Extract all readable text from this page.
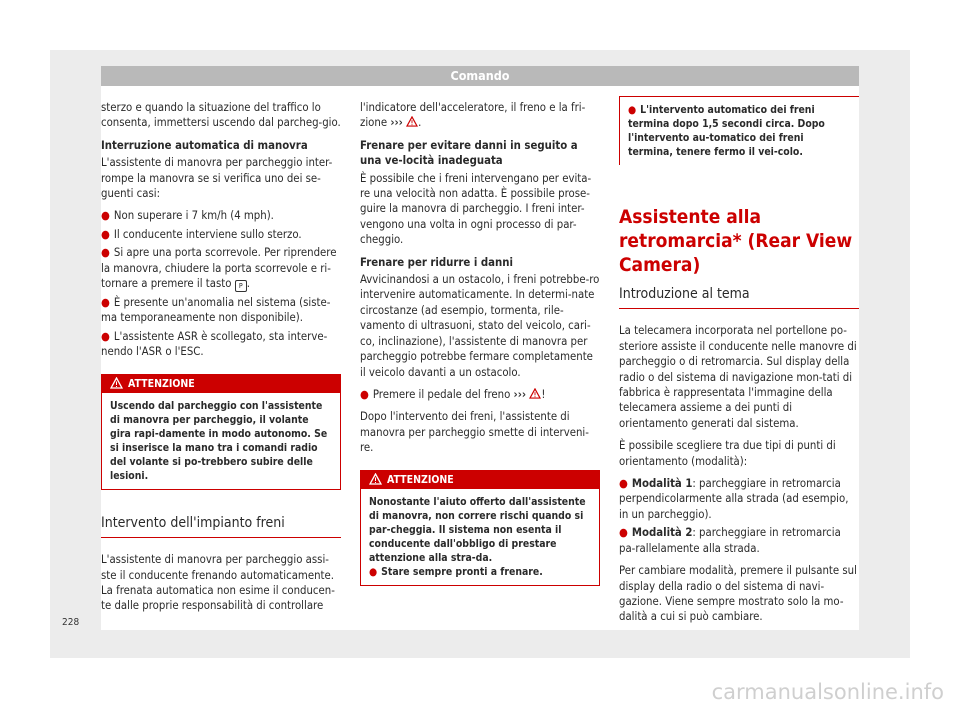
Comando

sterzo e quando la situazione del traffico lo consenta, immettersi uscendo dal parcheg-gio.

Interruzione automatica di manovra

L'assistente di manovra per parcheggio inter-rompe la manovra se si verifica uno dei se-guenti casi:

● Non superare i 7 km/h (4 mph).
● Il conducente interviene sullo sterzo.
● Si apre una porta scorrevole. Per riprendere la manovra, chiudere la porta scorrevole e ri-tornare a premere il tasto P .
● È presente un'anomalia nel sistema (siste-ma temporaneamente non disponibile).
● L'assistente ASR è scollegato, sta interve-nendo l'ASR o l'ESC.
ATTENZIONE
Uscendo dal parcheggio con l'assistente di manovra per parcheggio, il volante gira rapi-damente in modo autonomo. Se si inserisce la mano tra i comandi radio del volante si po-trebbero subire delle lesioni.
Intervento dell'impianto freni

L'assistente di manovra per parcheggio assi-ste il conducente frenando automaticamente. La frenata automatica non esime il conducen-te dalle proprie responsabilità di controllare

l'indicatore dell'acceleratore, il freno e la fri-zione ››› .

Frenare per evitare danni in seguito a una ve-locità inadeguata

È possibile che i freni intervengano per evita-re una velocità non adatta. È possibile prose-guire la manovra di parcheggio. I freni inter-vengono una volta in ogni processo di par-cheggio.

Frenare per ridurre i danni

Avvicinandosi a un ostacolo, i freni potrebbe-ro intervenire automaticamente. In determi-nate circostanze (ad esempio, tormenta, rile-vamento di ultrasuoni, stato del veicolo, cari-co, inclinazione), l'assistente di manovra per parcheggio potrebbe fermare completamente il veicolo davanti a un ostacolo.

● Premere il pedale del freno ››› !

Dopo l'intervento dei freni, l'assistente di manovra per parcheggio smette di interveni-re.

ATTENZIONE
Nonostante l'aiuto offerto dall'assistente di manovra, non correre rischi quando si par-cheggia. Il sistema non esenta il conducente dall'obbligo di prestare attenzione alla stra-da.
● Stare sempre pronti a frenare.
● L'intervento automatico dei freni termina dopo 1,5 secondi circa. Dopo l'intervento au-tomatico dei freni termina, tenere fermo il vei-colo.
Assistente alla retromarcia* (Rear View Camera)
Introduzione al tema

La telecamera incorporata nel portellone po-steriore assiste il conducente nelle manovre di parcheggio o di retromarcia. Sul display della radio o del sistema di navigazione mon-tati di fabbrica è rappresentata l'immagine della telecamera assieme a dei punti di orientamento generati dal sistema.

È possibile scegliere tra due tipi di punti di orientamento (modalità):

● Modalità 1: parcheggiare in retromarcia perpendicolarmente alla strada (ad esempio, in un parcheggio).
● Modalità 2: parcheggiare in retromarcia pa-rallelamente alla strada.

Per cambiare modalità, premere il pulsante sul display della radio o del sistema di navi-gazione. Viene sempre mostrato solo la mo-dalità a cui si può cambiare.

228
carmanualsonline.info
